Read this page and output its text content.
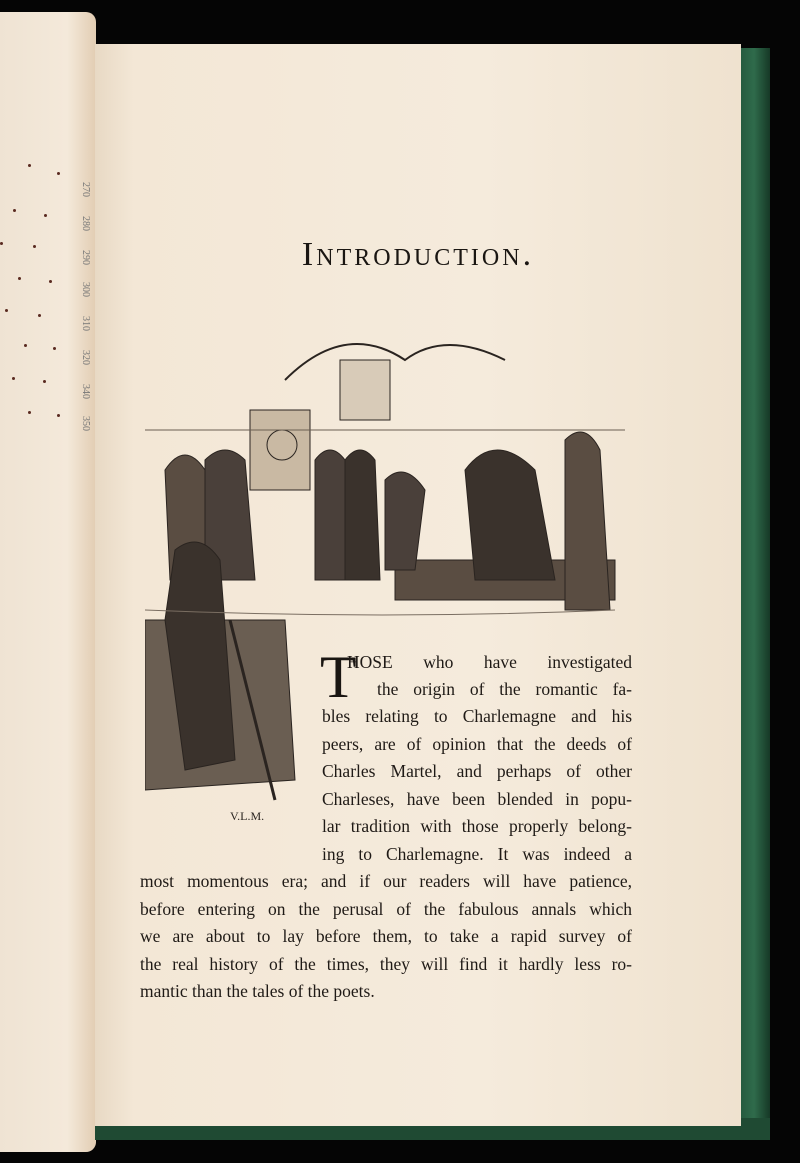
270
280
290
300
310
320
340
350
Introduction.
V.L.M.
T
HOSE who have investigated
the origin of the romantic fa-
bles relating to Charlemagne and his
peers, are of opinion that the deeds of
Charles Martel, and perhaps of other
Charleses, have been blended in popu-
lar tradition with those properly belong-
ing to Charlemagne. It was indeed a
most momentous era; and if our readers will have patience,
before entering on the perusal of the fabulous annals which
we are about to lay before them, to take a rapid survey of
the real history of the times, they will find it hardly less ro-
mantic than the tales of the poets.
